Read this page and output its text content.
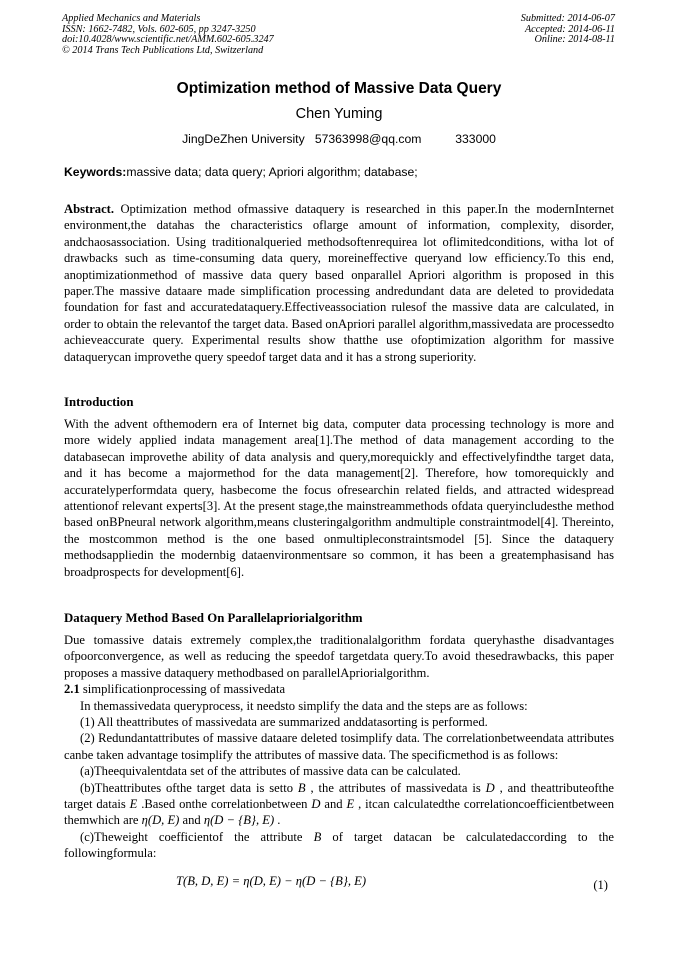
Applied Mechanics and Materials
ISSN: 1662-7482, Vols. 602-605, pp 3247-3250
doi:10.4028/www.scientific.net/AMM.602-605.3247
© 2014 Trans Tech Publications Ltd, Switzerland
Submitted: 2014-06-07
Accepted: 2014-06-11
Online: 2014-08-11
Optimization method of Massive Data Query
Chen Yuming
JingDeZhen University   57363998@qq.com          333000
Keywords:massive data; data query; Apriori algorithm; database;
Abstract. Optimization method ofmassive dataquery is researched in this paper.In the modernInternet environment,the datahas the characteristics oflarge amount of information, complexity, disorder, andchaosassociation. Using traditionalqueried methodsoftenrequirea lot oflimitedconditions, witha lot of drawbacks such as time-consuming data query, moreineffective queryand low efficiency.To this end, anoptimizationmethod of massive data query based onparallel Apriori algorithm is proposed in this paper.The massive dataare made simplification processing andredundant data are deleted to providedata foundation for fast and accuratedataquery.Effectiveassociation rulesof the massive data are calculated, in order to obtain the relevantof the target data. Based onApriori parallel algorithm,massivedata are processedto achieveaccurate query. Experimental results show thatthe use ofoptimization algorithm for massive dataquerycan improvethe query speedof target data and it has a strong superiority.
Introduction
With the advent ofthemodern era of Internet big data, computer data processing technology is more and more widely applied indata management area[1].The method of data management according to the databasecan improvethe ability of data analysis and query,morequickly and effectivelyfindthe target data, and it has become a majormethod for the data management[2]. Therefore, how tomorequickly and accuratelyperformdata query, hasbecome the focus ofresearchin related fields, and attracted widespread attentionof relevant experts[3]. At the present stage,the mainstreammethods ofdata queryincludesthe method based onBPneural network algorithm,means clusteringalgorithm andmultiple constraintmodel[4]. Thereinto, the mostcommon method is the one based onmultipleconstraintsmodel [5]. Since the dataquery methodsappliedin the modernbig dataenvironmentsare so common, it has been a greatemphasisand has broadprospects for development[6].
Dataquery Method Based On Parallelapriorialgorithm

Due tomassive datais extremely complex,the traditionalalgorithm fordata queryhasthe disadvantages ofpoorconvergence, as well as reducing the speedof targetdata query.To avoid thesedrawbacks, this paper proposes a massive dataquery methodbased on parallelApriorialgorithm.

2.1 simplificationprocessing of massivedata

In themassivedata queryprocess, it needsto simplify the data and the steps are as follows:

(1) All theattributes of massivedata are summarized anddatasorting is performed.

(2) Redundantattributes of massive dataare deleted tosimplify data. The correlationbetweendata attributes canbe taken advantage tosimplify the attributes of massive data. The specificmethod is as follows:

(a)Theequivalentdata set of the attributes of massive data can be calculated.

(b)Theattributes ofthe target data is setto B , the attributes of massivedata is D , and theattributeofthe target datais E .Based onthe correlationbetween D and E , itcan calculatedthe correlationcoefficientbetween themwhich are η(D, E) and η(D − {B}, E) .

(c)Theweight coefficientof the attribute B of target datacan be calculatedaccording to the followingformula:

T(B, D, E) = η(D, E) − η(D − {B}, E)	(1)
